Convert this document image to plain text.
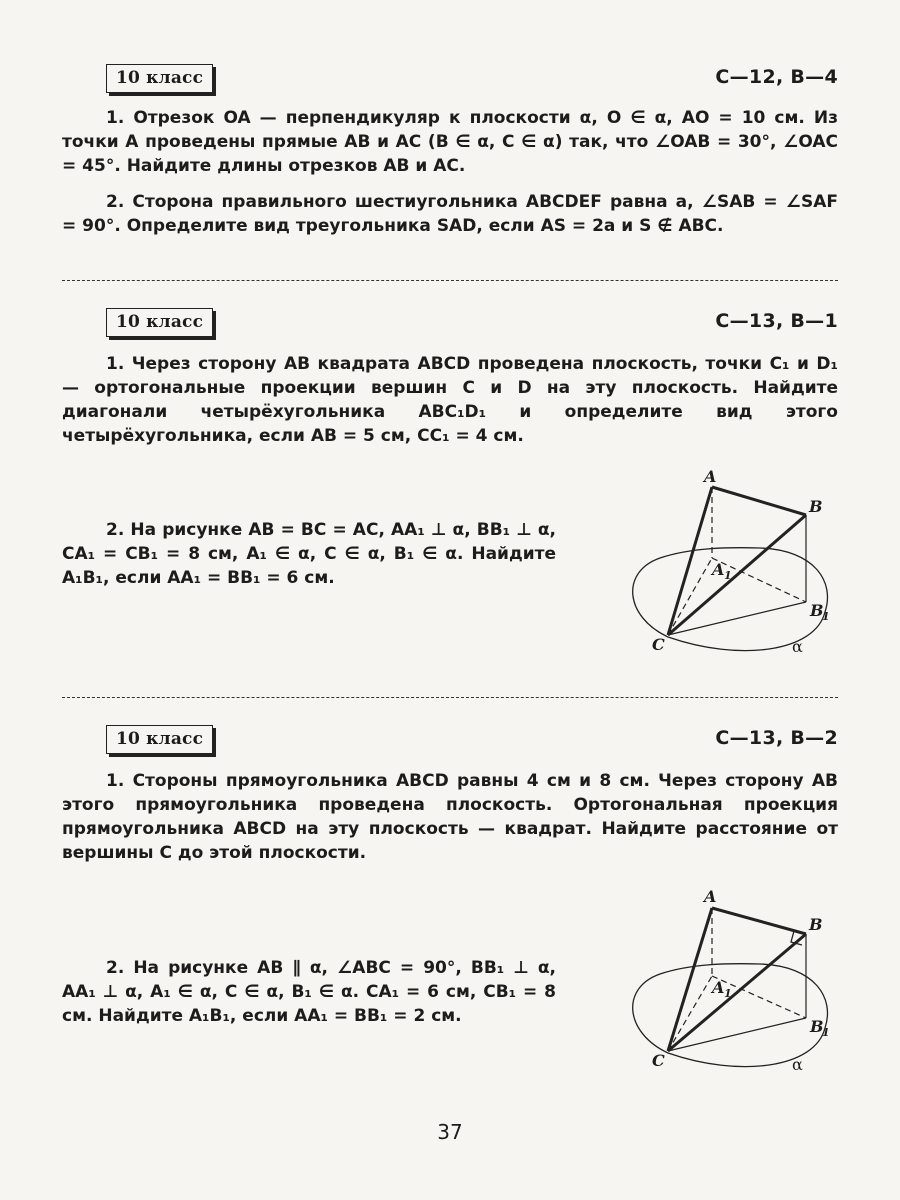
10 класс	С—12, В—4

1. Отрезок OA — перпендикуляр к плоскости α, O ∈ α, AO = 10 см. Из точки A проведены прямые AB и AC (B ∈ α, C ∈ α) так, что ∠OAB = 30°, ∠OAC = 45°. Найдите длины отрезков AB и AC.

2. Сторона правильного шестиугольника ABCDEF равна a, ∠SAB = ∠SAF = 90°. Определите вид треугольника SAD, если AS = 2a и S ∉ ABC.

10 класс	С—13, В—1

1. Через сторону AB квадрата ABCD проведена плоскость, точки C₁ и D₁ — ортогональные проекции вершин C и D на эту плоскость. Найдите диагонали четырёхугольника ABC₁D₁ и определите вид этого четырёхугольника, если AB = 5 см, CC₁ = 4 см.

2. На рисунке AB = BC = AC, AA₁ ⊥ α, BB₁ ⊥ α, CA₁ = CB₁ = 8 см, A₁ ∈ α, C ∈ α, B₁ ∈ α. Найдите A₁B₁, если AA₁ = BB₁ = 6 см.

A
B
C
A 1
B
1
α
10 класс	С—13, В—2

1. Стороны прямоугольника ABCD равны 4 см и 8 см. Через сторону AB этого прямоугольника проведена плоскость. Ортогональная проекция прямоугольника ABCD на эту плоскость — квадрат. Найдите расстояние от вершины C до этой плоскости.

2. На рисунке AB ∥ α, ∠ABC = 90°, BB₁ ⊥ α, AA₁ ⊥ α, A₁ ∈ α, C ∈ α, B₁ ∈ α. CA₁ = 6 см, CB₁ = 8 см. Найдите A₁B₁, если AA₁ = BB₁ = 2 см.

A
B
C
A 1
B
1
α
37
